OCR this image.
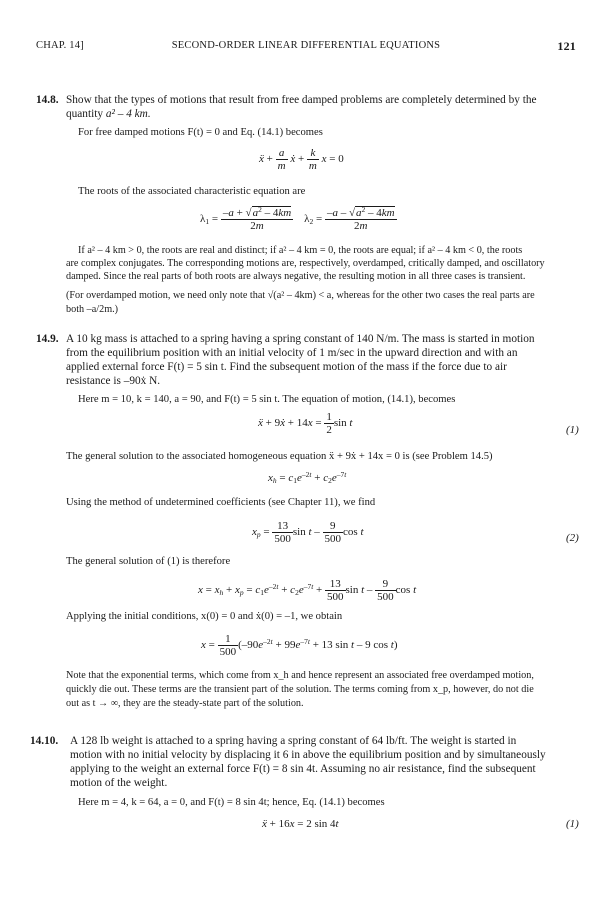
CHAP. 14]	SECOND-ORDER LINEAR DIFFERENTIAL EQUATIONS	121
14.8. Show that the types of motions that result from free damped problems are completely determined by the
quantity a² – 4 km.
For free damped motions F(t) = 0 and Eq. (14.1) becomes
ẍ + $\frac{a}{m}$ ẋ + $\frac{k}{m}$ x = 0
The roots of the associated characteristic equation are
$\lambda_1 = \frac{-a + √a^2 - 4km}{2m} \lambda_2 = \frac{-a - √a^2 - 4km}{2m}$
If a² – 4 km > 0, the roots are real and distinct; if a² – 4 km = 0, the roots are equal; if a² – 4 km < 0, the roots
are complex conjugates. The corresponding motions are, respectively, overdamped, critically damped, and oscillatory
damped. Since the real parts of both roots are always negative, the resulting motion in all three cases is transient.
(For overdamped motion, we need only note that √(a² – 4km) < a, whereas for the other two cases the real parts are
both –a/2m.)
14.9. A 10 kg mass is attached to a spring having a spring constant of 140 N/m. The mass is started in motion
from the equilibrium position with an initial velocity of 1 m/sec in the upward direction and with an
applied external force F(t) = 5 sin t. Find the subsequent motion of the mass if the force due to air
resistance is –90ẋ N.
Here m = 10, k = 140, a = 90, and F(t) = 5 sin t. The equation of motion, (14.1), becomes
ẍ + 9ẋ + $14x = \frac{1}{2}$ sin t
(1)
The general solution to the associated homogeneous equation ẍ + 9ẋ + 14x = 0 is (see Problem 14.5)
$x_h = c_1e^{-2t} + c_2e^{-7t}$
Using the method of undetermined coefficients (see Chapter 11), we find
$x_p = \frac{13}{500}$ sin t – $\frac{9}{500}$ cos t	(2)
The general solution of (1) is therefore
$x = x_h + x_p = c_1e^{-2t} + c_2e^{-7t} + \frac{13}{500}$ sin t – $\frac{9}{500}$ cos t
Applying the initial conditions, x(0) = 0 and ẋ(0) = –1, we obtain
$x = \frac{1}{500} (-90e^{-2t} + 99e^{-7t} + 13$ sin t – 9 cos t)
Note that the exponential terms, which come from x_h and hence represent an associated free overdamped motion,
quickly die out. These terms are the transient part of the solution. The terms coming from x_p, however, do not die
out as t → ∞, they are the steady-state part of the solution.
14.10. A 128 lb weight is attached to a spring having a spring constant of 64 lb/ft. The weight is started in
motion with no initial velocity by displacing it 6 in above the equilibrium position and by simultaneously
applying to the weight an external force F(t) = 8 sin 4t. Assuming no air resistance, find the subsequent
motion of the weight.
Here m = 4, k = 64, a = 0, and F(t) = 8 sin 4t; hence, Eq. (14.1) becomes
ẍ + 16x = 2 sin 4t	(1)
